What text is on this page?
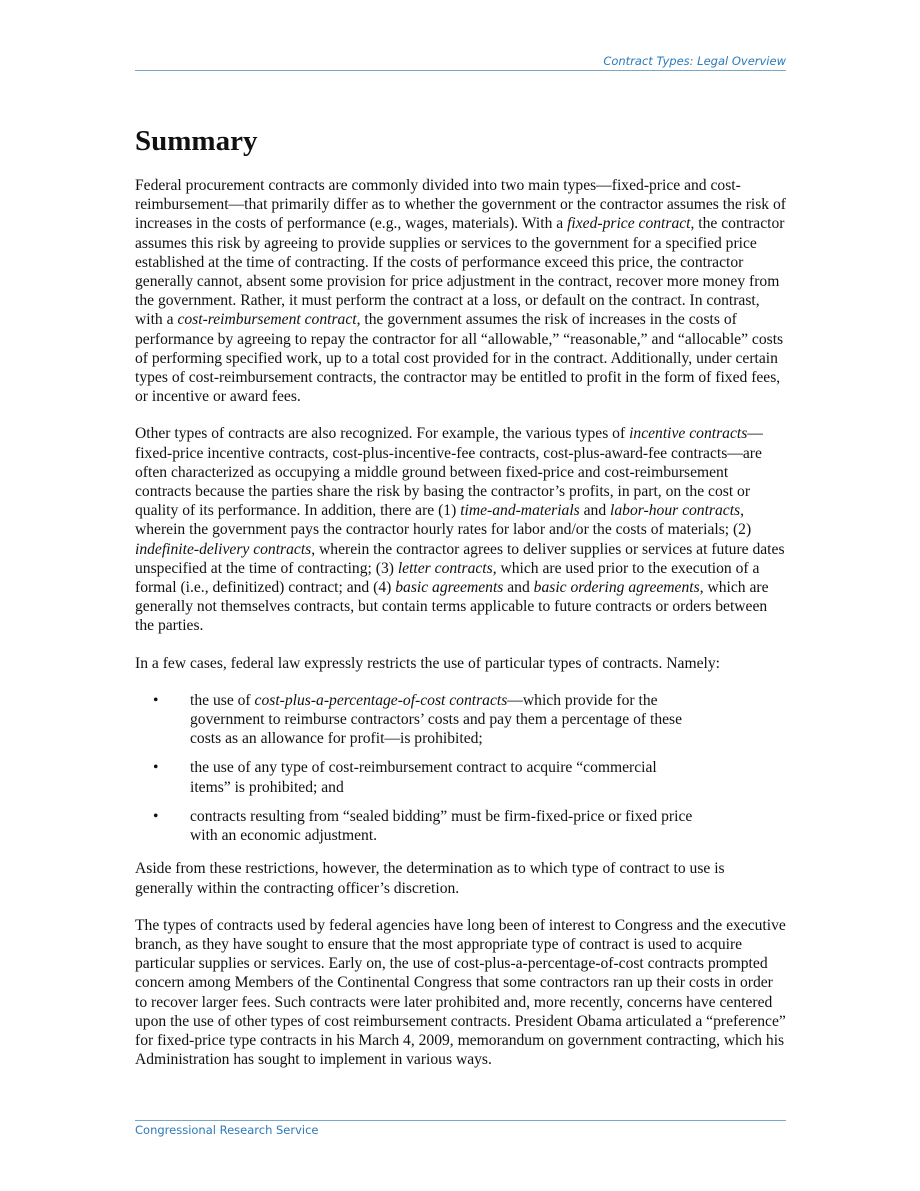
Contract Types: Legal Overview
Summary

Federal procurement contracts are commonly divided into two main types—fixed-price and cost-reimbursement—that primarily differ as to whether the government or the contractor assumes the risk of increases in the costs of performance (e.g., wages, materials). With a fixed-price contract, the contractor assumes this risk by agreeing to provide supplies or services to the government for a specified price established at the time of contracting. If the costs of performance exceed this price, the contractor generally cannot, absent some provision for price adjustment in the contract, recover more money from the government. Rather, it must perform the contract at a loss, or default on the contract. In contrast, with a cost-reimbursement contract, the government assumes the risk of increases in the costs of performance by agreeing to repay the contractor for all “allowable,” “reasonable,” and “allocable” costs of performing specified work, up to a total cost provided for in the contract. Additionally, under certain types of cost-reimbursement contracts, the contractor may be entitled to profit in the form of fixed fees, or incentive or award fees.

Other types of contracts are also recognized. For example, the various types of incentive contracts—fixed-price incentive contracts, cost-plus-incentive-fee contracts, cost-plus-award-fee contracts—are often characterized as occupying a middle ground between fixed-price and cost-reimbursement contracts because the parties share the risk by basing the contractor’s profits, in part, on the cost or quality of its performance. In addition, there are (1) time-and-materials and labor-hour contracts, wherein the government pays the contractor hourly rates for labor and/or the costs of materials; (2) indefinite-delivery contracts, wherein the contractor agrees to deliver supplies or services at future dates unspecified at the time of contracting; (3) letter contracts, which are used prior to the execution of a formal (i.e., definitized) contract; and (4) basic agreements and basic ordering agreements, which are generally not themselves contracts, but contain terms applicable to future contracts or orders between the parties.

In a few cases, federal law expressly restricts the use of particular types of contracts. Namely:

• the use of cost-plus-a-percentage-of-cost contracts—which provide for the government to reimburse contractors’ costs and pay them a percentage of these costs as an allowance for profit—is prohibited;
• the use of any type of cost-reimbursement contract to acquire “commercial items” is prohibited; and
• contracts resulting from “sealed bidding” must be firm-fixed-price or fixed price with an economic adjustment.

Aside from these restrictions, however, the determination as to which type of contract to use is generally within the contracting officer’s discretion.

The types of contracts used by federal agencies have long been of interest to Congress and the executive branch, as they have sought to ensure that the most appropriate type of contract is used to acquire particular supplies or services. Early on, the use of cost-plus-a-percentage-of-cost contracts prompted concern among Members of the Continental Congress that some contractors ran up their costs in order to recover larger fees. Such contracts were later prohibited and, more recently, concerns have centered upon the use of other types of cost reimbursement contracts. President Obama articulated a “preference” for fixed-price type contracts in his March 4, 2009, memorandum on government contracting, which his Administration has sought to implement in various ways.

Congressional Research Service
